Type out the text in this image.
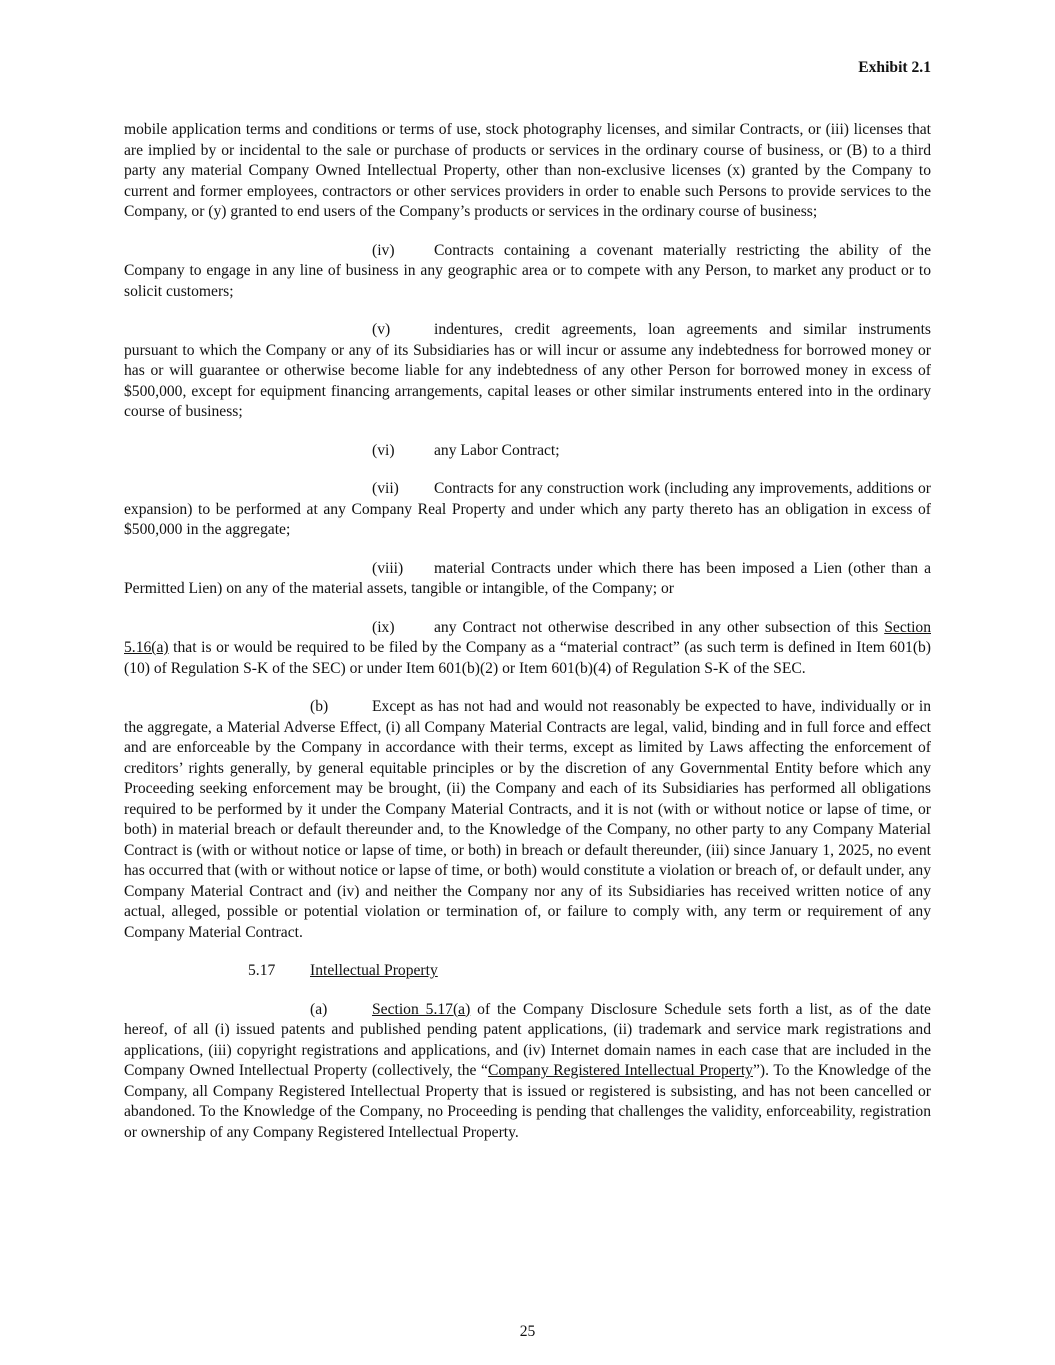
Exhibit 2.1

mobile application terms and conditions or terms of use, stock photography licenses, and similar Contracts, or (iii) licenses that are implied by or incidental to the sale or purchase of products or services in the ordinary course of business, or (B) to a third party any material Company Owned Intellectual Property, other than non-exclusive licenses (x) granted by the Company to current and former employees, contractors or other services providers in order to enable such Persons to provide services to the Company, or (y) granted to end users of the Company’s products or services in the ordinary course of business;

(iv)	Contracts containing a covenant materially restricting the ability of the Company to engage in any line of business in any geographic area or to compete with any Person, to market any product or to solicit customers;

(v)	indentures, credit agreements, loan agreements and similar instruments pursuant to which the Company or any of its Subsidiaries has or will incur or assume any indebtedness for borrowed money or has or will guarantee or otherwise become liable for any indebtedness of any other Person for borrowed money in excess of $500,000, except for equipment financing arrangements, capital leases or other similar instruments entered into in the ordinary course of business;

(vi)	any Labor Contract;

(vii) Contracts for any construction work (including any improvements, additions or expansion) to be performed at any Company Real Property and under which any party thereto has an obligation in excess of $500,000 in the aggregate;

(viii) material Contracts under which there has been imposed a Lien (other than a Permitted Lien) on any of the material assets, tangible or intangible, of the Company; or

(ix)	any Contract not otherwise described in any other subsection of this Section 5.16(a) that is or would be required to be filed by the Company as a “material contract” (as such term is defined in Item 601(b)(10) of Regulation S-K of the SEC) or under Item 601(b)(2) or Item 601(b)(4) of Regulation S-K of the SEC.

(b)	Except as has not had and would not reasonably be expected to have, individually or in the aggregate, a Material Adverse Effect, (i) all Company Material Contracts are legal, valid, binding and in full force and effect and are enforceable by the Company in accordance with their terms, except as limited by Laws affecting the enforcement of creditors’ rights generally, by general equitable principles or by the discretion of any Governmental Entity before which any Proceeding seeking enforcement may be brought, (ii) the Company and each of its Subsidiaries has performed all obligations required to be performed by it under the Company Material Contracts, and it is not (with or without notice or lapse of time, or both) in material breach or default thereunder and, to the Knowledge of the Company, no other party to any Company Material Contract is (with or without notice or lapse of time, or both) in breach or default thereunder, (iii) since January 1, 2025, no event has occurred that (with or without notice or lapse of time, or both) would constitute a violation or breach of, or default under, any Company Material Contract and (iv) and neither the Company nor any of its Subsidiaries has received written notice of any actual, alleged, possible or potential violation or termination of, or failure to comply with, any term or requirement of any Company Material Contract.

5.17 Intellectual Property

(a)	Section 5.17(a) of the Company Disclosure Schedule sets forth a list, as of the date hereof, of all (i) issued patents and published pending patent applications, (ii) trademark and service mark registrations and applications, (iii) copyright registrations and applications, and (iv) Internet domain names in each case that are included in the Company Owned Intellectual Property (collectively, the “Company Registered Intellectual Property”). To the Knowledge of the Company, all Company Registered Intellectual Property that is issued or registered is subsisting, and has not been cancelled or abandoned. To the Knowledge of the Company, no Proceeding is pending that challenges the validity, enforceability, registration or ownership of any Company Registered Intellectual Property.

25
